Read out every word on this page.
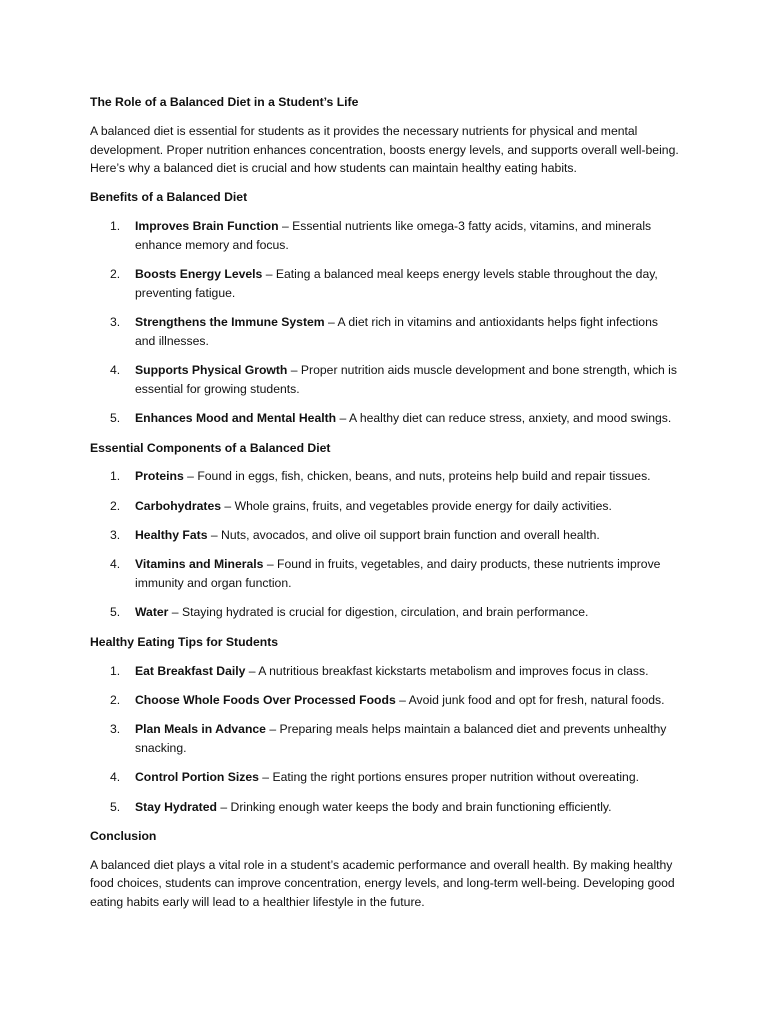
The Role of a Balanced Diet in a Student’s Life

A balanced diet is essential for students as it provides the necessary nutrients for physical and mental development. Proper nutrition enhances concentration, boosts energy levels, and supports overall well-being. Here’s why a balanced diet is crucial and how students can maintain healthy eating habits.

Benefits of a Balanced Diet
1.	Improves Brain Function – Essential nutrients like omega-3 fatty acids, vitamins, and minerals enhance memory and focus.
2.	Boosts Energy Levels – Eating a balanced meal keeps energy levels stable throughout the day, preventing fatigue.
3.	Strengthens the Immune System – A diet rich in vitamins and antioxidants helps fight infections and illnesses.
4.	Supports Physical Growth – Proper nutrition aids muscle development and bone strength, which is essential for growing students.
5.	Enhances Mood and Mental Health – A healthy diet can reduce stress, anxiety, and mood swings.
Essential Components of a Balanced Diet
1.	Proteins – Found in eggs, fish, chicken, beans, and nuts, proteins help build and repair tissues.
2.	Carbohydrates – Whole grains, fruits, and vegetables provide energy for daily activities.
3.	Healthy Fats – Nuts, avocados, and olive oil support brain function and overall health.
4.	Vitamins and Minerals – Found in fruits, vegetables, and dairy products, these nutrients improve immunity and organ function.
5.	Water – Staying hydrated is crucial for digestion, circulation, and brain performance.
Healthy Eating Tips for Students
1.	Eat Breakfast Daily – A nutritious breakfast kickstarts metabolism and improves focus in class.
2.	Choose Whole Foods Over Processed Foods – Avoid junk food and opt for fresh, natural foods.
3.	Plan Meals in Advance – Preparing meals helps maintain a balanced diet and prevents unhealthy snacking.
4.	Control Portion Sizes – Eating the right portions ensures proper nutrition without overeating.
5.	Stay Hydrated – Drinking enough water keeps the body and brain functioning efficiently.
Conclusion

A balanced diet plays a vital role in a student’s academic performance and overall health. By making healthy food choices, students can improve concentration, energy levels, and long-term well-being. Developing good eating habits early will lead to a healthier lifestyle in the future.
